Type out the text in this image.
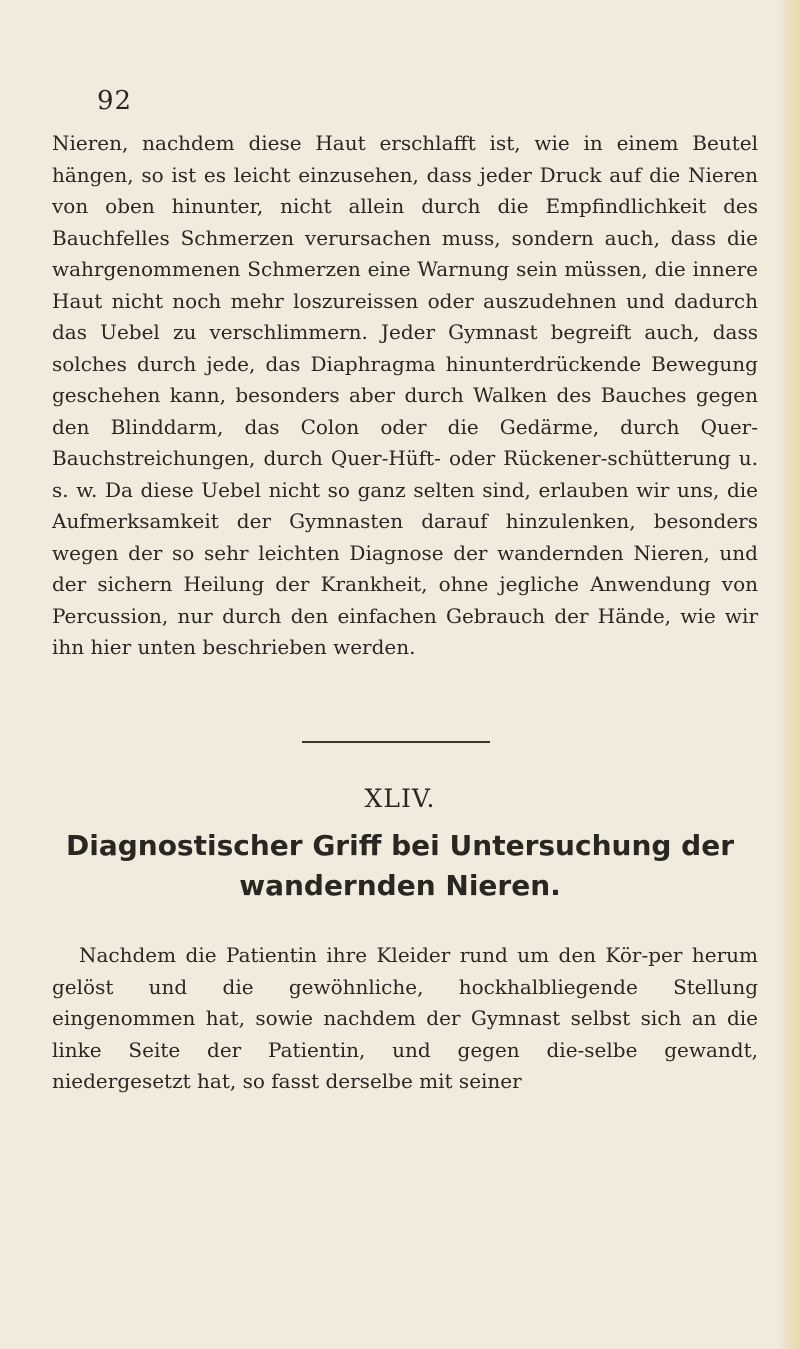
92

Nieren, nachdem diese Haut erschlafft ist, wie in einem Beutel hängen, so ist es leicht einzusehen, dass jeder Druck auf die Nieren von oben hinunter, nicht allein durch die Empfindlichkeit des Bauchfelles Schmerzen verursachen muss, sondern auch, dass die wahrgenommenen Schmerzen eine Warnung sein müssen, die innere Haut nicht noch mehr loszureissen oder auszudehnen und dadurch das Uebel zu verschlimmern. Jeder Gymnast begreift auch, dass solches durch jede, das Diaphragma hinunterdrückende Bewegung geschehen kann, besonders aber durch Walken des Bauches gegen den Blinddarm, das Colon oder die Gedärme, durch Quer-Bauchstreichungen, durch Quer-Hüft- oder Rückener-schütterung u. s. w. Da diese Uebel nicht so ganz selten sind, erlauben wir uns, die Aufmerksamkeit der Gymnasten darauf hinzulenken, besonders wegen der so sehr leichten Diagnose der wandernden Nieren, und der sichern Heilung der Krankheit, ohne jegliche Anwendung von Percussion, nur durch den einfachen Gebrauch der Hände, wie wir ihn hier unten beschrieben werden.

XLIV.

Diagnostischer Griff bei Untersuchung der
wandernden Nieren.

Nachdem die Patientin ihre Kleider rund um den Kör-per herum gelöst und die gewöhnliche, hockhalbliegende Stellung eingenommen hat, sowie nachdem der Gymnast selbst sich an die linke Seite der Patientin, und gegen die-selbe gewandt, niedergesetzt hat, so fasst derselbe mit seiner
